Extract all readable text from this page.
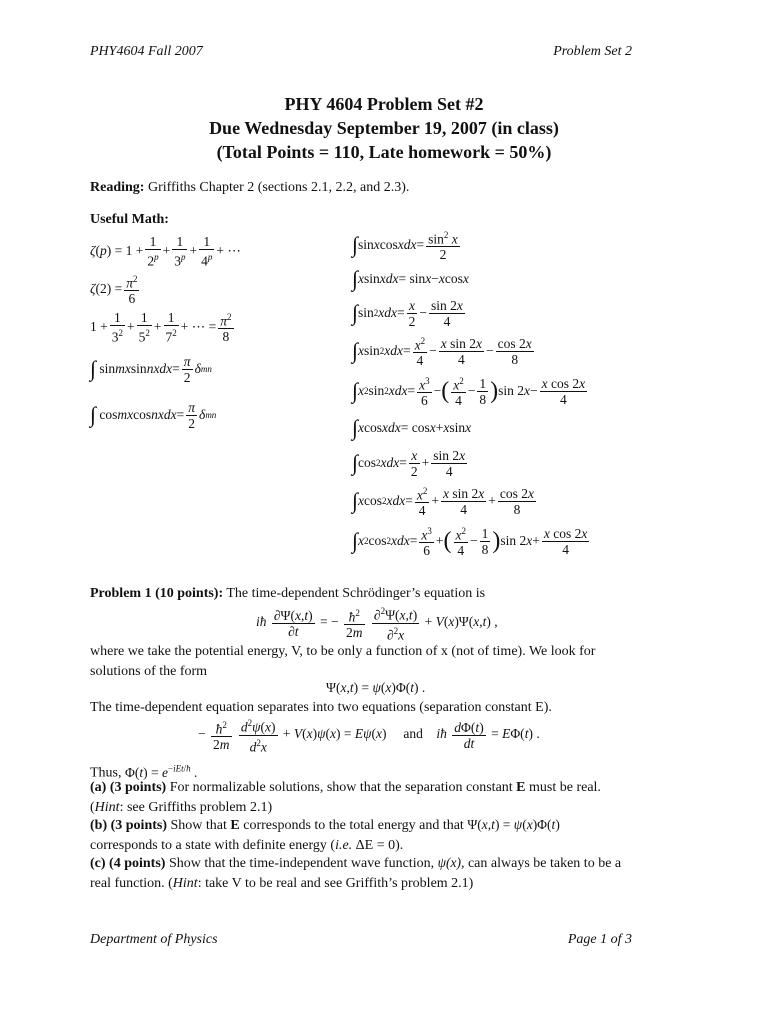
PHY4604 Fall 2007	Problem Set 2
PHY 4604 Problem Set #2
Due Wednesday September 19, 2007 (in class)
(Total Points = 110, Late homework = 50%)
Reading: Griffiths Chapter 2 (sections 2.1, 2.2, and 2.3).
Useful Math:
ζ ( p ) = $1 + \frac{1}{2^p} + \frac{1}{3^p} + \frac{1}{4^p}$ + ⋯
ζ $(2) = \frac{\pi^2}{6}$
$1 + \frac{1}{3^2} + \frac{1}{5^2} + \frac{1}{7^2}$ + ⋯ = $\frac{\pi^2}{8}$
∫ sin mx sin nxdx = $\frac{\pi}{2}$ δ mn
∫ cos mx cos nxdx = $\frac{\pi}{2}$ δ mn
∫ sin x cos xdx = $\frac{\sin^2 x}{2}$
∫ x sin xdx = sin x − x cos x
∫ sin 2 xdx = $\frac{x}{2} - \frac{\sin 2x}{4}$
∫ x sin 2 xdx = $\frac{x^2}{4} - \frac{\text{x sin 2x}}{4} - \frac{\cos 2x}{8}$
∫ x 2 sin 2 xdx = $\frac{x^3}{6}$ − ( $\frac{x^2}{4} - \frac{1}{8}$ ) sin 2 $x - \frac{\text{x cos 2x}}{4}$
∫ x cos xdx = cos x + x sin x
∫ cos 2 xdx = $\frac{x}{2} + \frac{\sin 2x}{4}$
∫ x cos 2 xdx = $\frac{x^2}{4} + \frac{\text{x sin 2x}}{4} + \frac{\cos 2x}{8}$
∫ x 2 cos 2 xdx = $\frac{x^3}{6}$ + ( $\frac{x^2}{4} - \frac{1}{8}$ ) sin 2 $x + \frac{\text{x cos 2x}}{4}$
Problem 1 (10 points): The time-dependent Schrödinger’s equation is
iħ $\frac{\partial\Psi(x,t)}{\partial t}$ = − $\frac{ħ^2}{2m}$
$\frac{\partial^2\Psi(x,t)}{\partial^2x} + V(x)\Psi(x,t)$ ,
where we take the potential energy, V, to be only a function of x (not of time). We look for
solutions of the form
Ψ(x,t) = ψ(x)Φ(t) .
The time-dependent equation separates into two equations (separation constant E).
− $\frac{ħ^2}{2m}$
$\frac{d^2\psi(x)}{d^2x} + V(x)\psi(x) = E\psi(x)$     and    iħ $\frac{d\Phi(t)}{dt} = E\Phi(t)$ .
Thus, $\Phi(t) = e^{-iEt/ħ}$ .
(a) (3 points) For normalizable solutions, show that the separation constant E must be real.
(Hint: see Griffiths problem 2.1)
(b) (3 points) Show that E corresponds to the total energy and that Ψ(x,t) = ψ(x)Φ(t)
corresponds to a state with definite energy (i.e. ΔE = 0).
(c) (4 points) Show that the time-independent wave function, ψ(x), can always be taken to be a
real function. (Hint: take V to be real and see Griffith’s problem 2.1)
Department of Physics	Page 1 of 3
